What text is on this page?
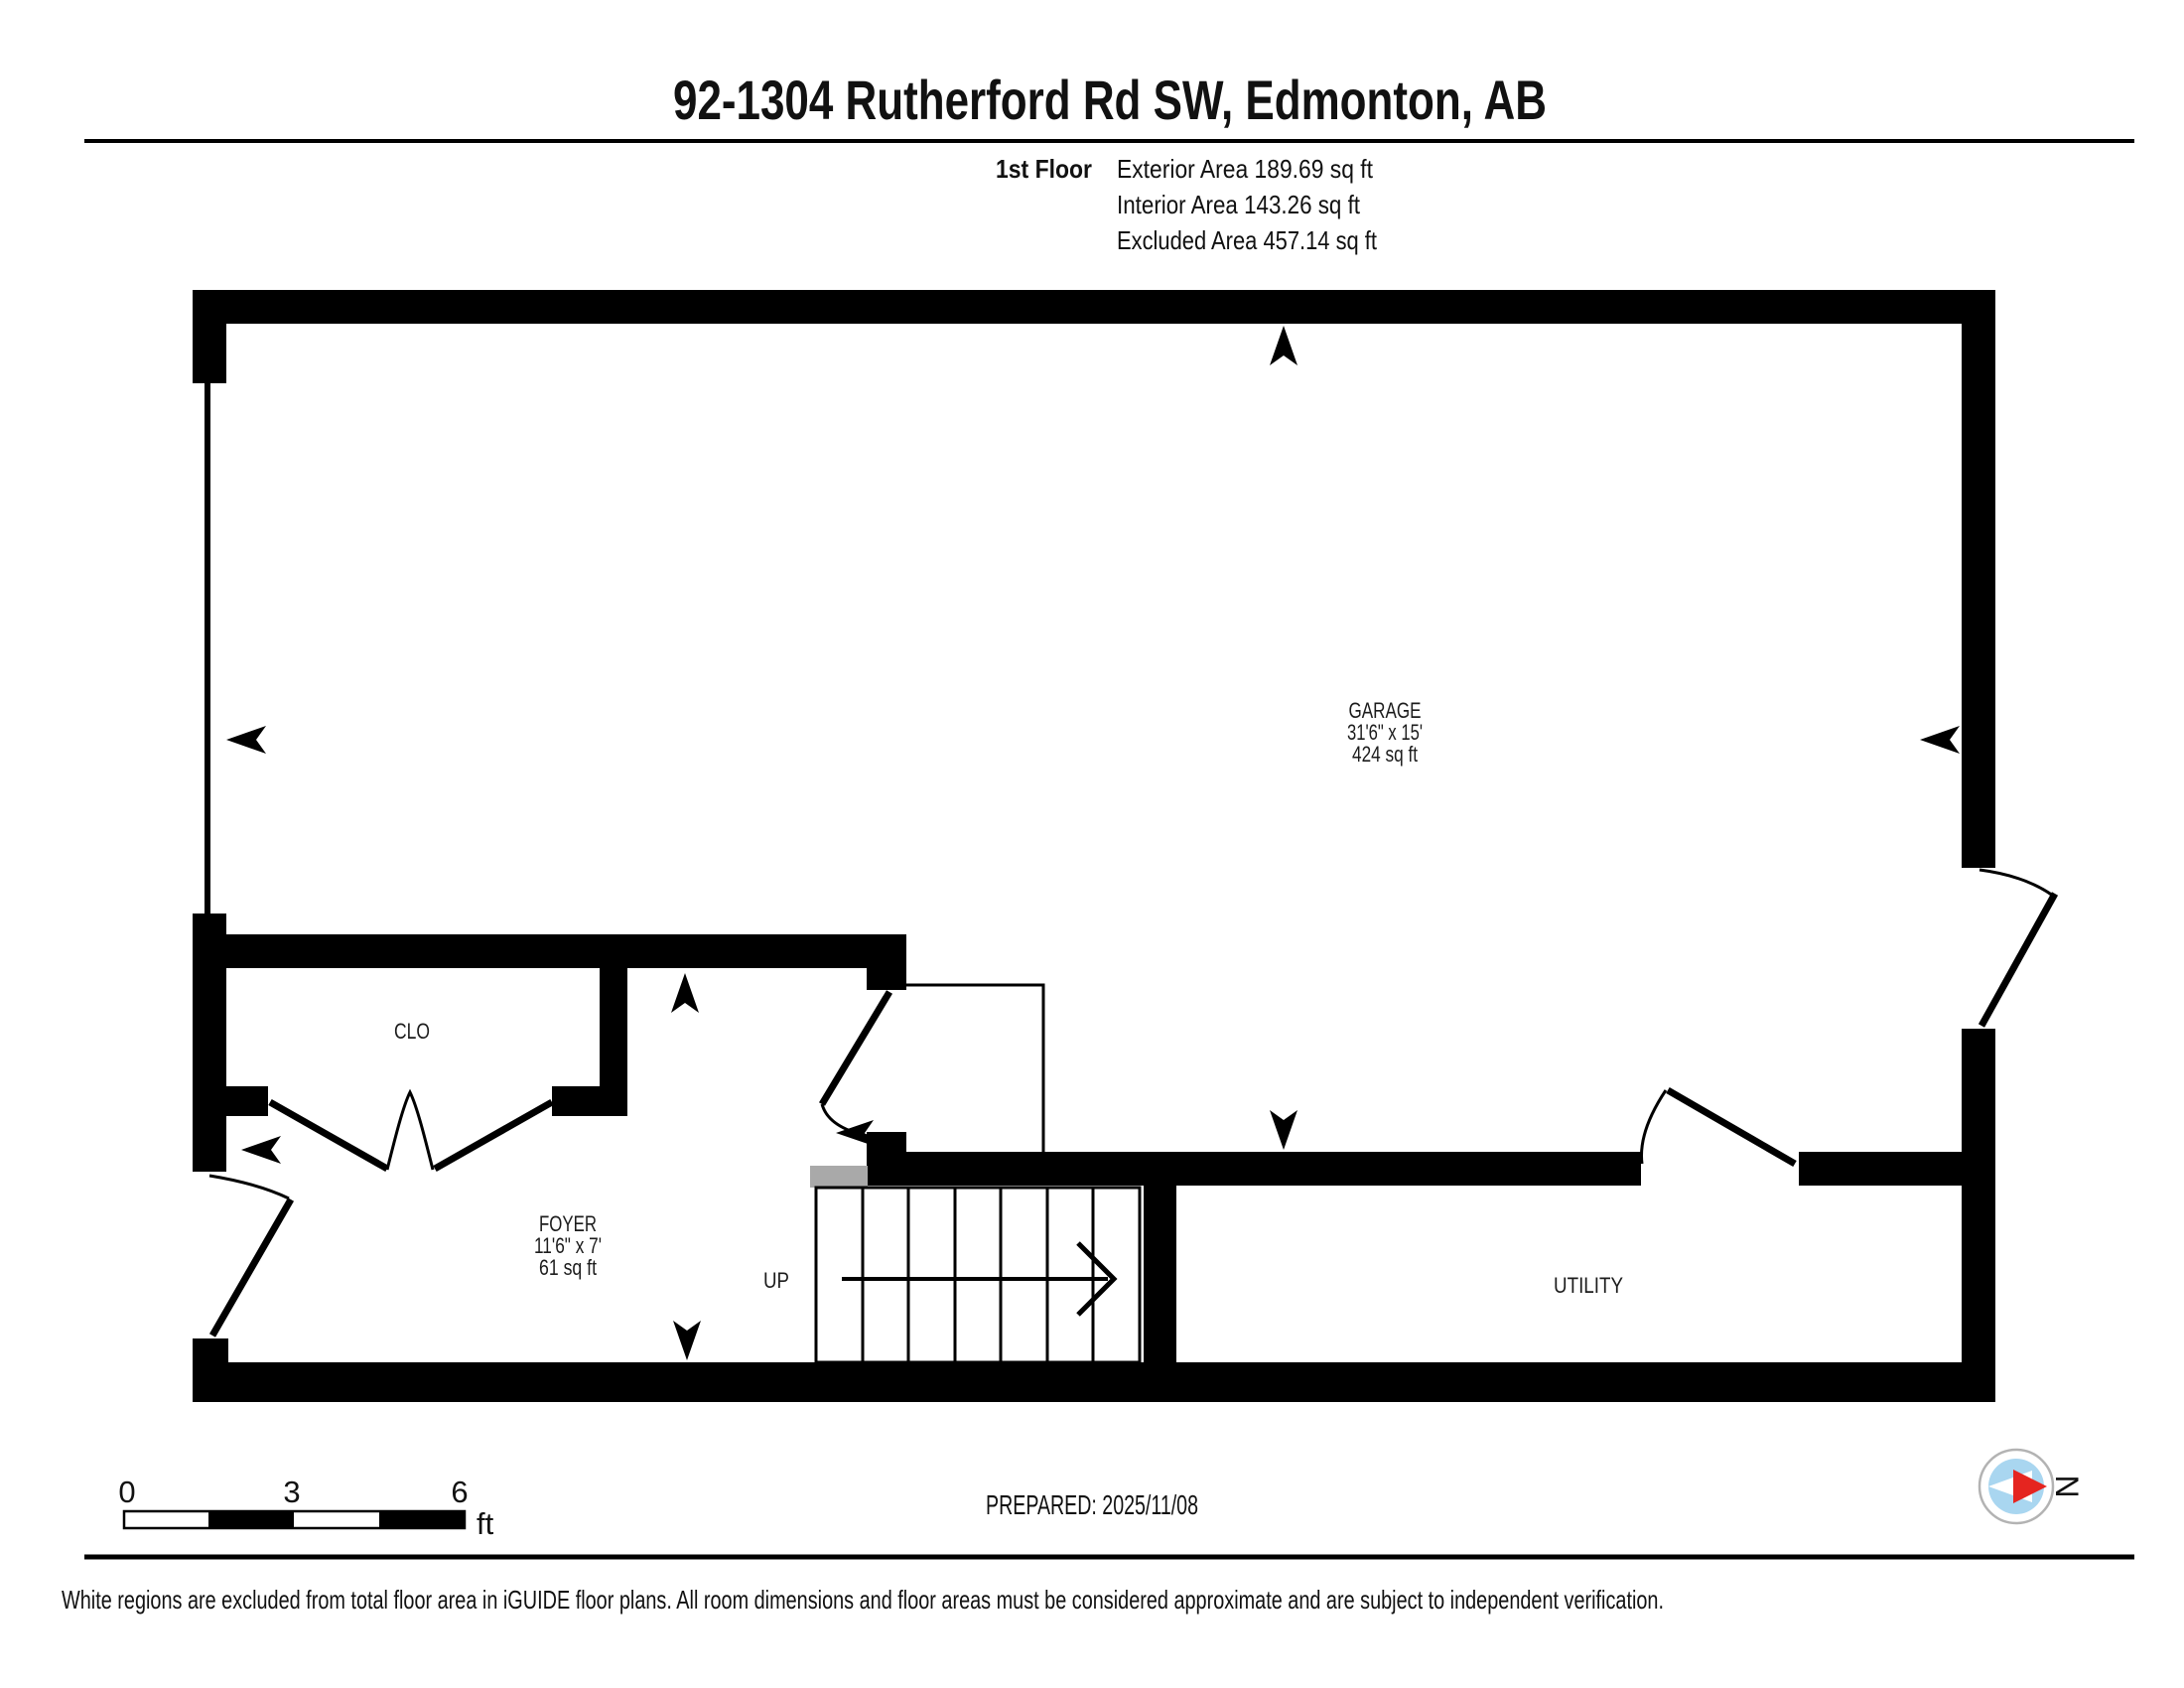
92-1304 Rutherford Rd SW, Edmonton, AB
1st Floor Exterior Area 189.69 sq ft
Interior Area 143.26 sq ft
Excluded Area 457.14 sq ft
GARAGE
31'6" x 15'
424 sq ft
FOYER
11'6" x 7'
61 sq ft
CLO
UTILITY
UP
0	3	6
ft
PREPARED: 2025/11/08
N
White regions are excluded from total floor area in iGUIDE floor plans. All room dimensions and floor areas must be considered approximate and are subject to independent verification.
